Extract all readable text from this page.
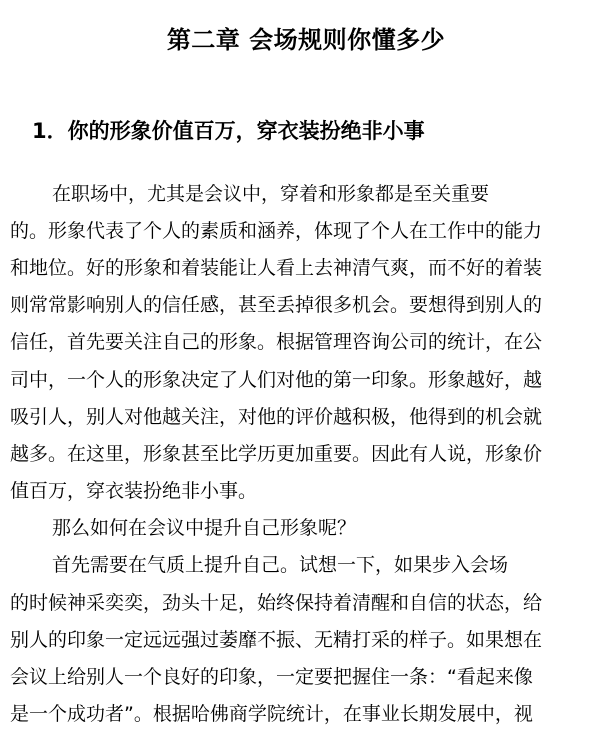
第二章 会场规则你懂多少
1．你的形象价值百万，穿衣装扮绝非小事
在职场中，尤其是会议中，穿着和形象都是至关重要
的。形象代表了个人的素质和涵养，体现了个人在工作中的能力
和地位。好的形象和着装能让人看上去神清气爽，而不好的着装
则常常影响别人的信任感，甚至丢掉很多机会。要想得到别人的
信任，首先要关注自己的形象。根据管理咨询公司的统计，在公
司中，一个人的形象决定了人们对他的第一印象。形象越好，越
吸引人，别人对他越关注，对他的评价越积极，他得到的机会就
越多。在这里，形象甚至比学历更加重要。因此有人说，形象价
值百万，穿衣装扮绝非小事。
那么如何在会议中提升自己形象呢？
首先需要在气质上提升自己。试想一下，如果步入会场
的时候神采奕奕，劲头十足，始终保持着清醒和自信的状态，给
别人的印象一定远远强过萎靡不振、无精打采的样子。如果想在
会议上给别人一个良好的印象，一定要把握住一条：“看起来像
是一个成功者”。根据哈佛商学院统计，在事业长期发展中，视
